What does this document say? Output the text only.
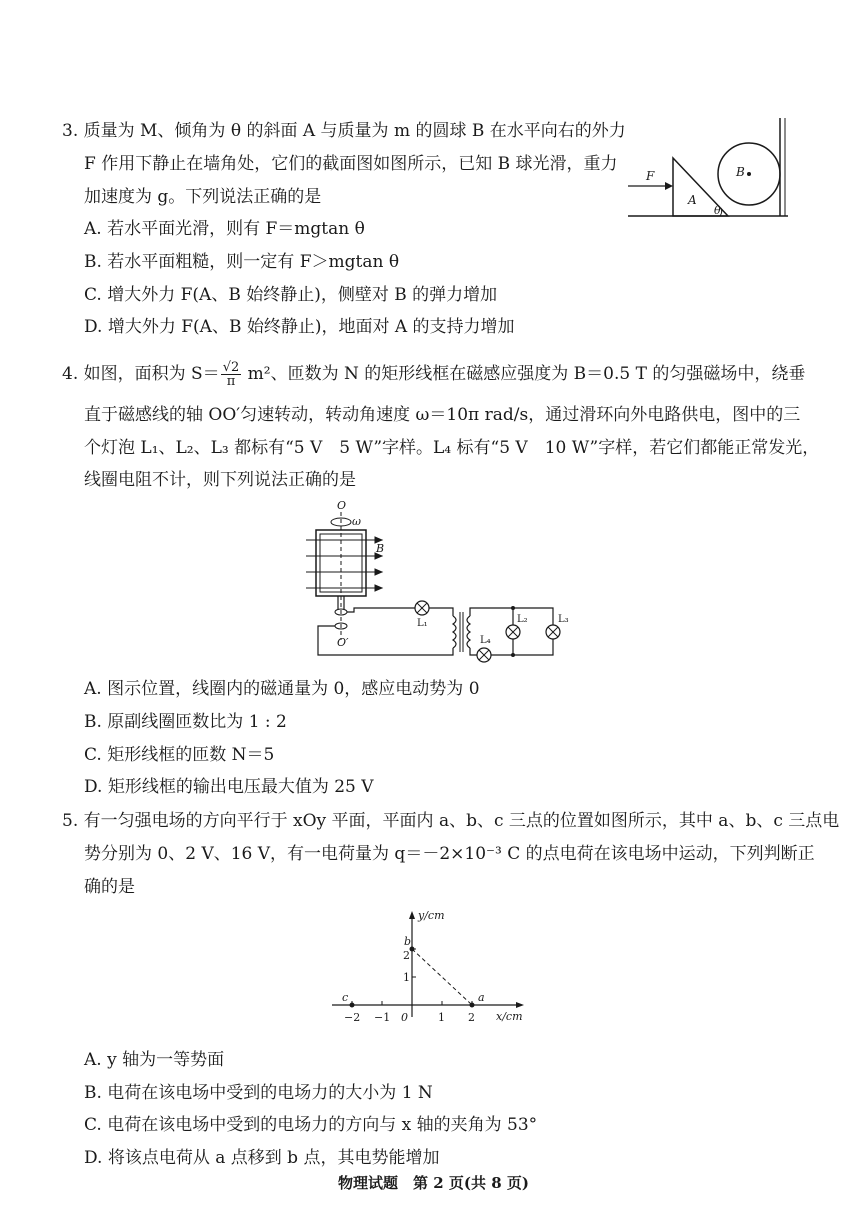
3. 质量为 M、倾角为 θ 的斜面 A 与质量为 m 的圆球 B 在水平向右的外力
F 作用下静止在墙角处，它们的截面图如图所示，已知 B 球光滑，重力
加速度为 g。下列说法正确的是
A. 若水平面光滑，则有 F＝mgtan θ
B. 若水平面粗糙，则一定有 F＞mgtan θ
C. 增大外力 F(A、B 始终静止)，侧壁对 B 的弹力增加
D. 增大外力 F(A、B 始终静止)，地面对 A 的支持力增加
F
A
B
θ
4. 如图，面积为 $S= \frac{√2}{\pi} m^2$、匝数为 N 的矩形线框在磁感应强度为 B＝0.5 T 的匀强磁场中，绕垂
直于磁感线的轴 OO′匀速转动，转动角速度 ω＝10π rad/s，通过滑环向外电路供电，图中的三
个灯泡 L₁、L₂、L₃ 都标有“5 V　5 W”字样。L₄ 标有“5 V　10 W”字样，若它们都能正常发光，
线圈电阻不计，则下列说法正确的是
O
ω
B
O′
L₁	L₂	L₃
L₄
A. 图示位置，线圈内的磁通量为 0，感应电动势为 0
B. 原副线圈匝数比为 1 : 2
C. 矩形线框的匝数 N＝5
D. 矩形线框的输出电压最大值为 25 V
5. 有一匀强电场的方向平行于 xOy 平面，平面内 a、b、c 三点的位置如图所示，其中 a、b、c 三点电
势分别为 0、2 V、16 V，有一电荷量为 q＝－2×10⁻³ C 的点电荷在该电场中运动，下列判断正
确的是
y/cm
x/cm
−2 −1 0	1 2
1
2
a
b
c
A. y 轴为一等势面
B. 电荷在该电场中受到的电场力的大小为 1 N
C. 电荷在该电场中受到的电场力的方向与 x 轴的夹角为 53°
D. 将该点电荷从 a 点移到 b 点，其电势能增加
物理试题　第 2 页(共 8 页)
